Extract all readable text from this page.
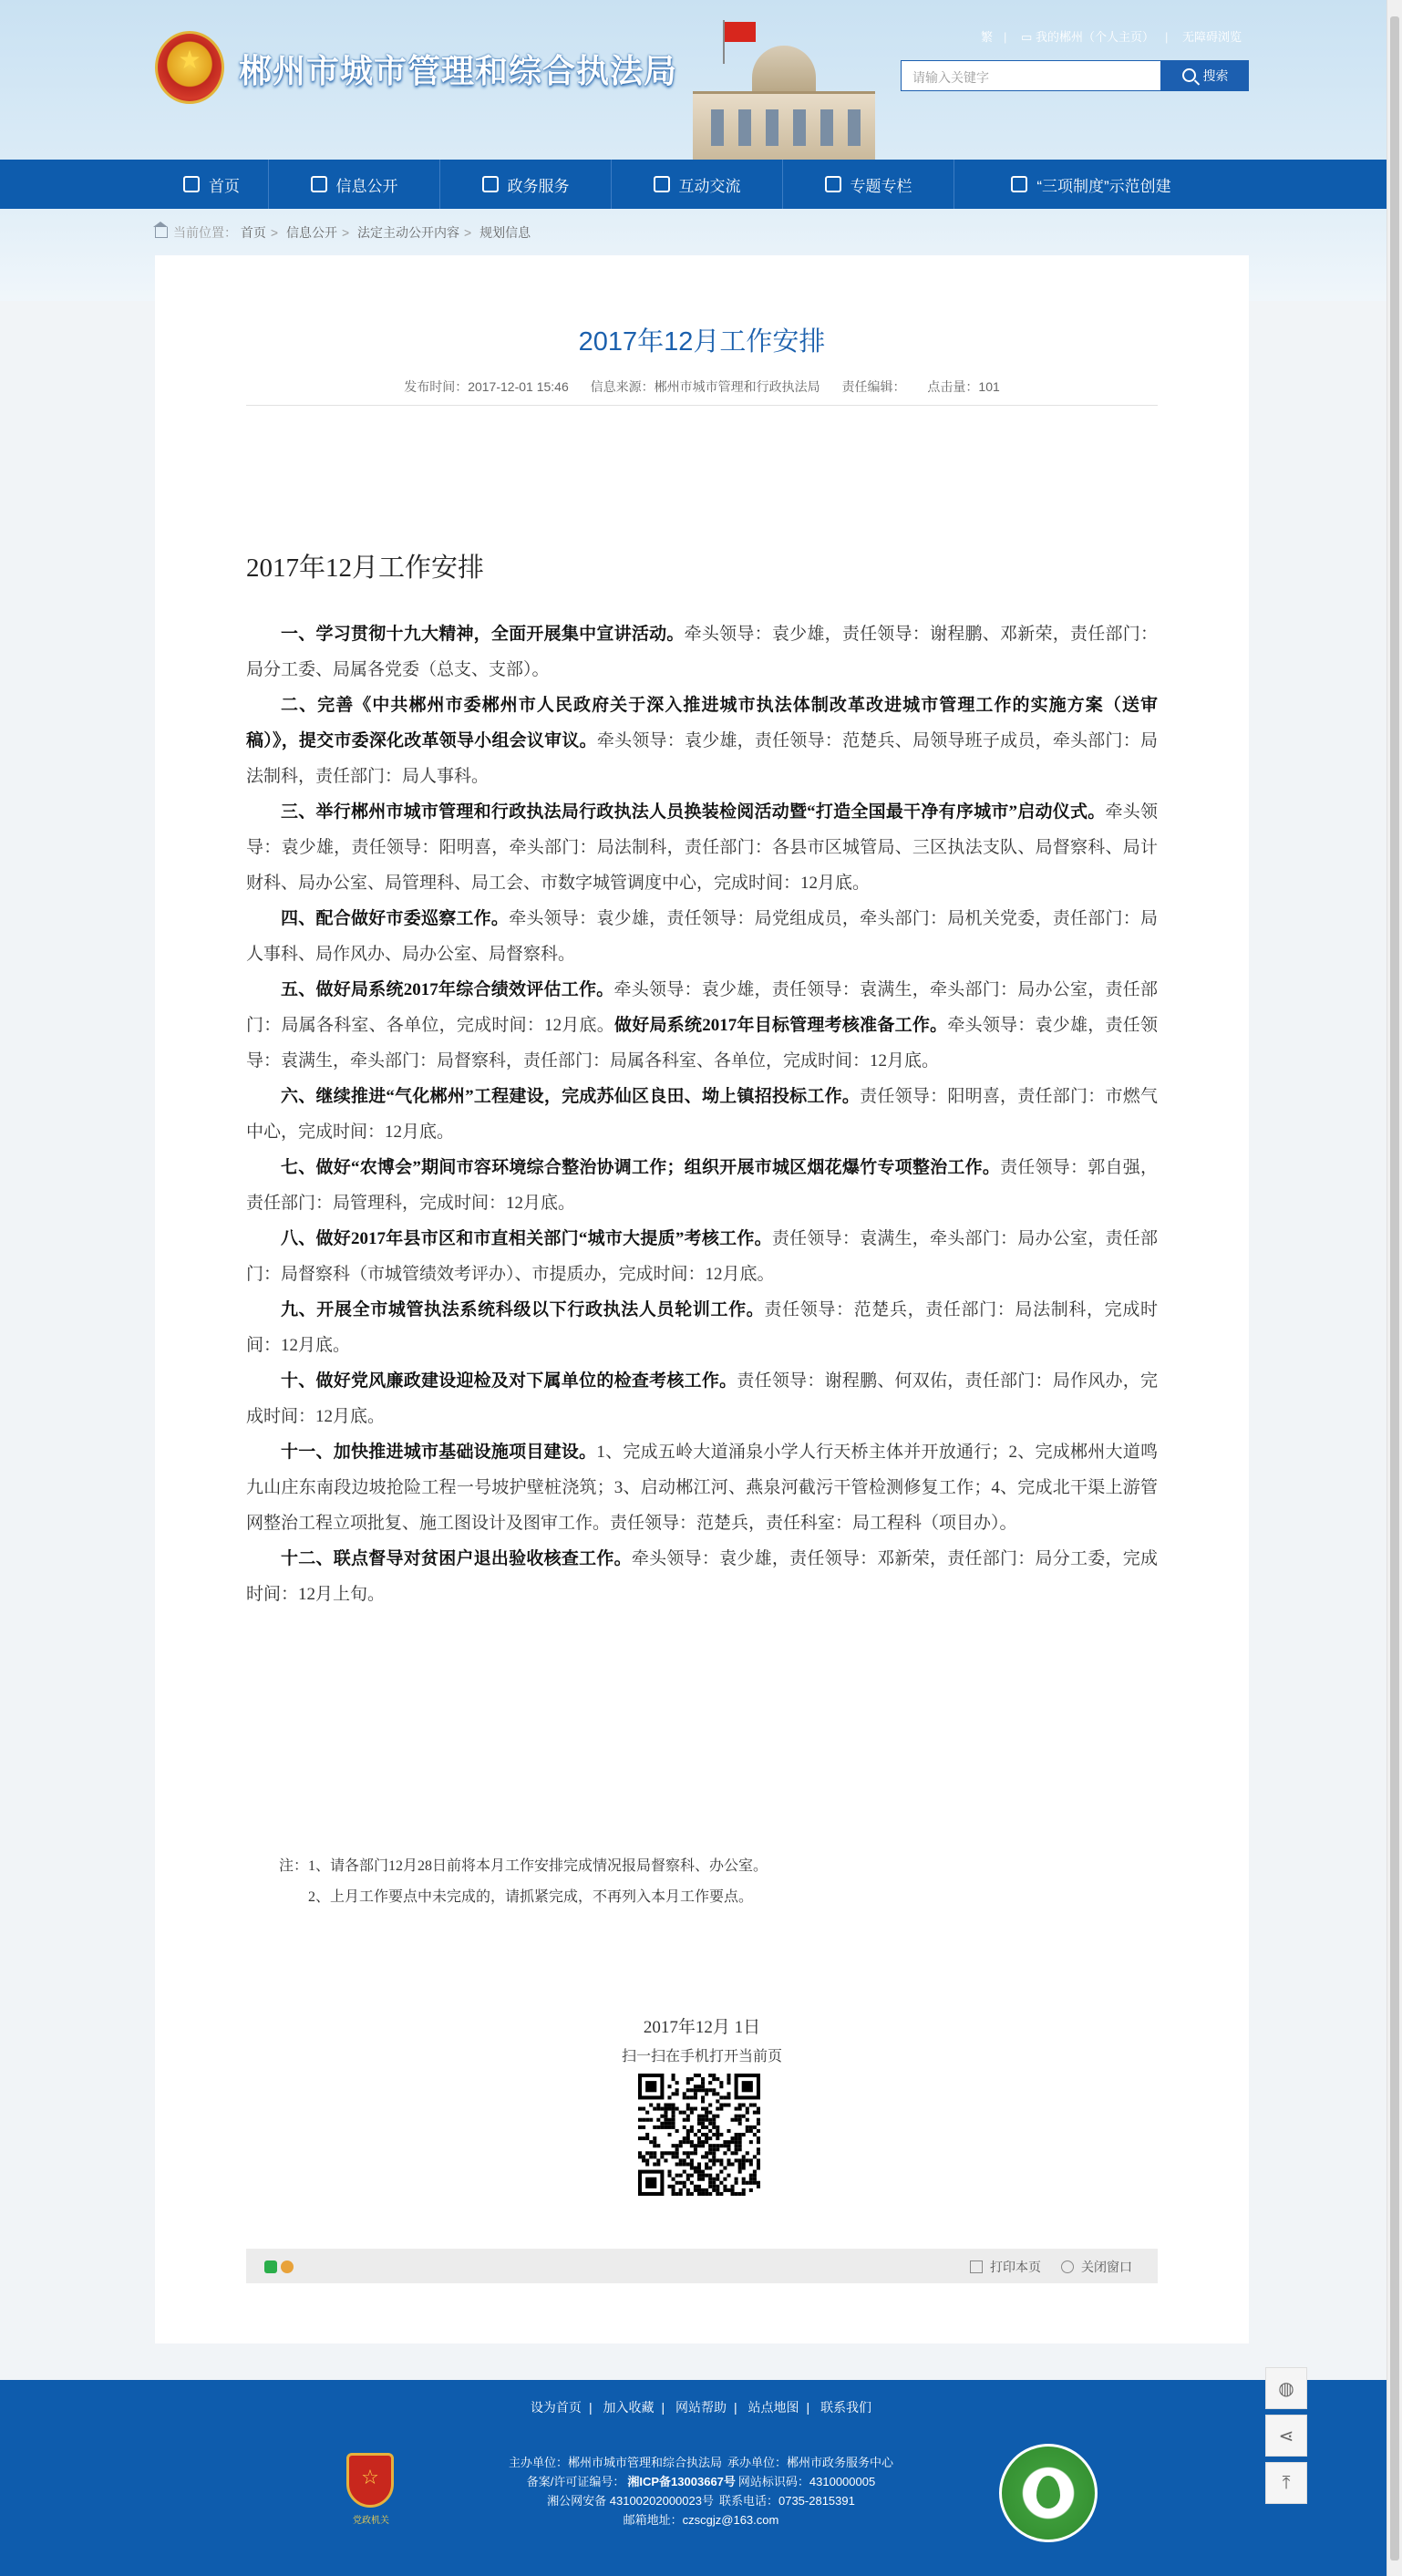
★
郴州市城市管理和综合执法局
繁 | ▭ 我的郴州（个人主页） | 无障碍浏览
请输入关键字	搜索
首页	信息公开	政务服务	互动交流	专题专栏	“三项制度”示范创建
当前位置： 首页 > 信息公开 > 法定主动公开内容 > 规划信息
2017年12月工作安排
发布时间：2017-12-01 15:46 信息来源：郴州市城市管理和行政执法局 责任编辑： 点击量：101
2017年12月工作安排

一、学习贯彻十九大精神，全面开展集中宣讲活动。牵头领导：袁少雄，责任领导：谢程鹏、邓新荣，责任部门：局分工委、局属各党委（总支、支部）。

二、完善《中共郴州市委郴州市人民政府关于深入推进城市执法体制改革改进城市管理工作的实施方案（送审稿）》，提交市委深化改革领导小组会议审议。牵头领导：袁少雄，责任领导：范楚兵、局领导班子成员，牵头部门：局法制科，责任部门：局人事科。

三、举行郴州市城市管理和行政执法局行政执法人员换装检阅活动暨“打造全国最干净有序城市”启动仪式。牵头领导：袁少雄，责任领导：阳明喜，牵头部门：局法制科，责任部门：各县市区城管局、三区执法支队、局督察科、局计财科、局办公室、局管理科、局工会、市数字城管调度中心，完成时间：12月底。

四、配合做好市委巡察工作。牵头领导：袁少雄，责任领导：局党组成员，牵头部门：局机关党委，责任部门：局人事科、局作风办、局办公室、局督察科。

五、做好局系统2017年综合绩效评估工作。牵头领导：袁少雄，责任领导：袁满生，牵头部门：局办公室，责任部门：局属各科室、各单位，完成时间：12月底。做好局系统2017年目标管理考核准备工作。牵头领导：袁少雄，责任领导：袁满生，牵头部门：局督察科，责任部门：局属各科室、各单位，完成时间：12月底。

六、继续推进“气化郴州”工程建设，完成苏仙区良田、坳上镇招投标工作。责任领导：阳明喜，责任部门：市燃气中心，完成时间：12月底。

七、做好“农博会”期间市容环境综合整治协调工作；组织开展市城区烟花爆竹专项整治工作。责任领导：郭自强，责任部门：局管理科，完成时间：12月底。

八、做好2017年县市区和市直相关部门“城市大提质”考核工作。责任领导：袁满生，牵头部门：局办公室，责任部门：局督察科（市城管绩效考评办）、市提质办，完成时间：12月底。

九、开展全市城管执法系统科级以下行政执法人员轮训工作。责任领导：范楚兵，责任部门：局法制科，完成时间：12月底。

十、做好党风廉政建设迎检及对下属单位的检查考核工作。责任领导：谢程鹏、何双佑，责任部门：局作风办，完成时间：12月底。

十一、加快推进城市基础设施项目建设。1、完成五岭大道涌泉小学人行天桥主体并开放通行；2、完成郴州大道鸣九山庄东南段边坡抢险工程一号坡护壁桩浇筑；3、启动郴江河、燕泉河截污干管检测修复工作；4、完成北干渠上游管网整治工程立项批复、施工图设计及图审工作。责任领导：范楚兵，责任科室：局工程科（项目办）。

十二、联点督导对贫困户退出验收核查工作。牵头领导：袁少雄，责任领导：邓新荣，责任部门：局分工委，完成时间：12月上旬。

注：1、请各部门12月28日前将本月工作安排完成情况报局督察科、办公室。
2、上月工作要点中未完成的，请抓紧完成，不再列入本月工作要点。
2017年12月 1日
扫一扫在手机打开当前页
打印本页	关闭窗口
设为首页 | 加入收藏 | 网站帮助 | 站点地图 | 联系我们
☆
党政机关
主办单位：郴州市城市管理和综合执法局 承办单位：郴州市政务服务中心
备案/许可证编号： 湘ICP备13003667号 网站标识码：4310000005
湘公网安备 43100202000023号 联系电话：0735-2815391
邮箱地址：czscgjz@163.com
◍
⋖
⤒
